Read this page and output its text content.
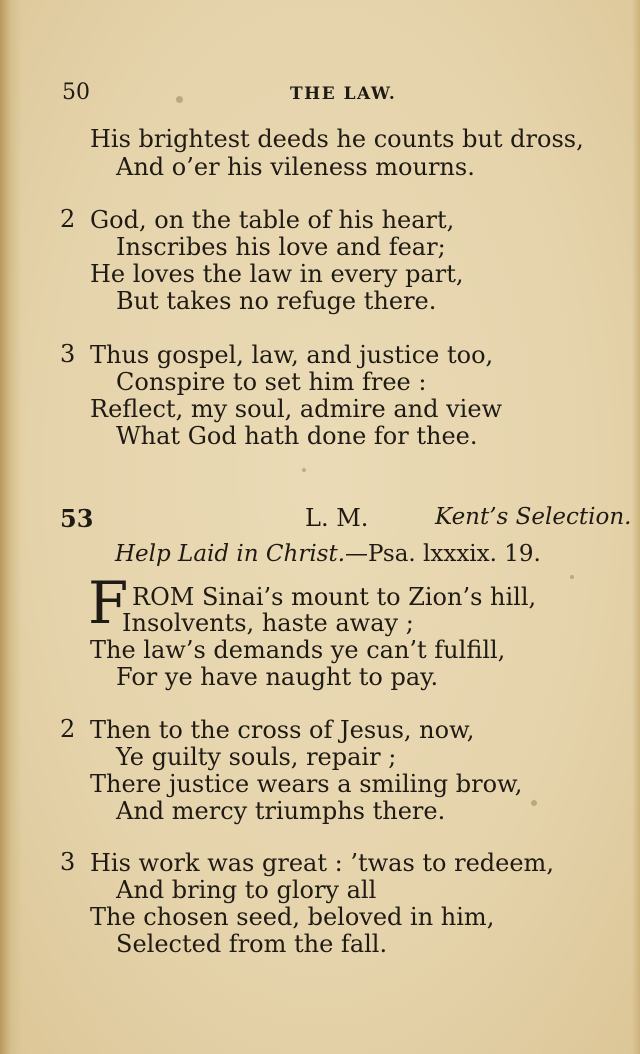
50	THE LAW.
His brightest deeds he counts but dross,
And o’er his vileness mourns.
2 God, on the table of his heart,
Inscribes his love and fear;
He loves the law in every part,
But takes no refuge there.
3 Thus gospel, law, and justice too,
Conspire to set him free :
Reflect, my soul, admire and view
What God hath done for thee.
53	L. M.	Kent’s Selection.
Help Laid in Christ.—Psa. lxxxix. 19.
F ROM Sinai’s mount to Zion’s hill,
Insolvents, haste away ;
The law’s demands ye can’t fulfill,
For ye have naught to pay.
2 Then to the cross of Jesus, now,
Ye guilty souls, repair ;
There justice wears a smiling brow,
And mercy triumphs there.
3 His work was great : ’twas to redeem,
And bring to glory all
The chosen seed, beloved in him,
Selected from the fall.
